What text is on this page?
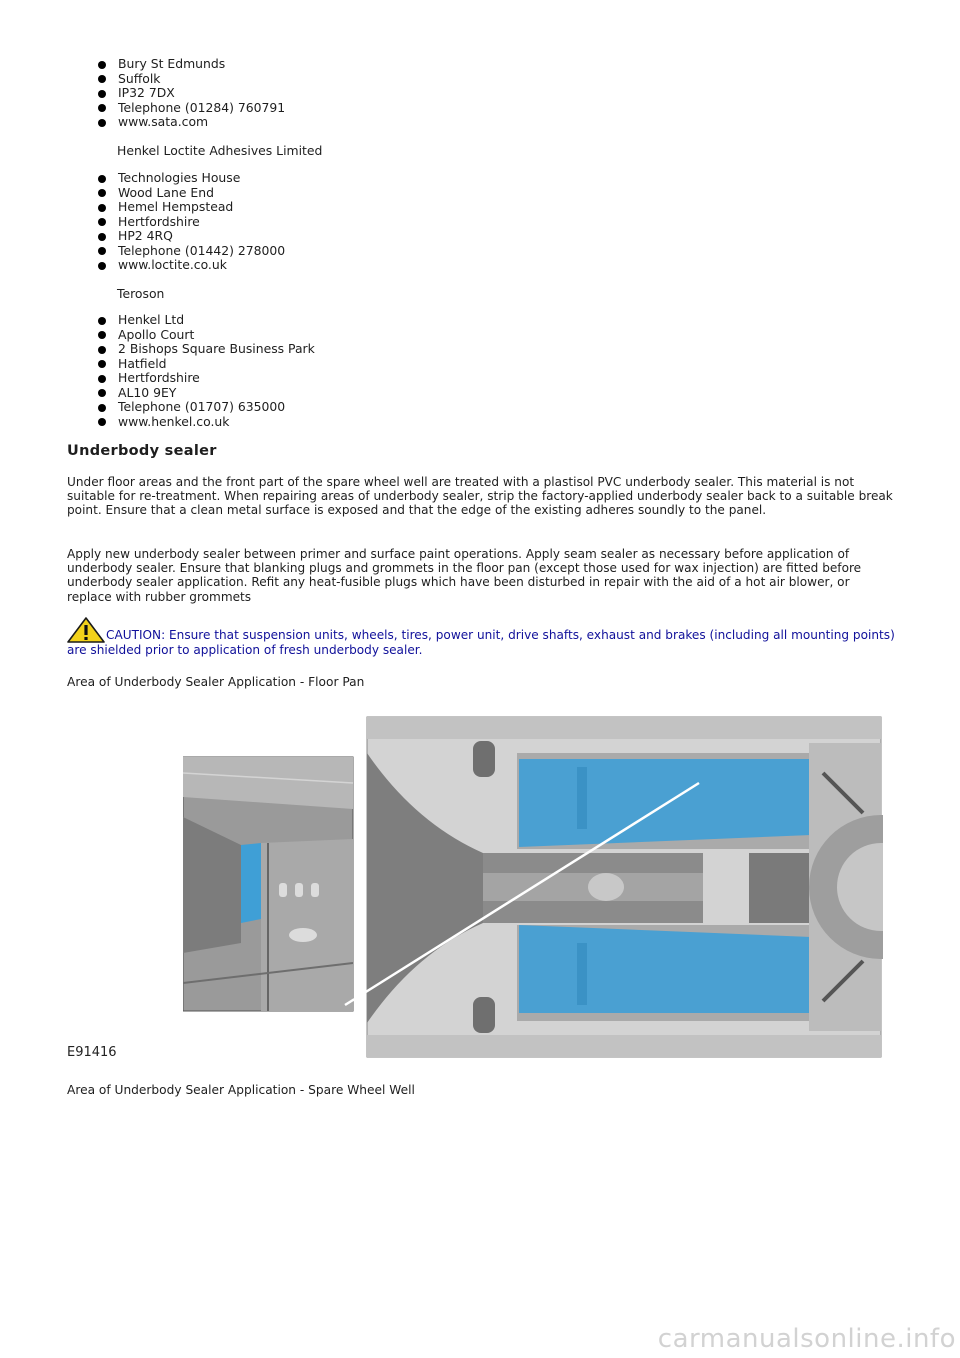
Bury St Edmunds
Suffolk
IP32 7DX
Telephone (01284) 760791
www.sata.com
Henkel Loctite Adhesives Limited
Technologies House
Wood Lane End
Hemel Hempstead
Hertfordshire
HP2 4RQ
Telephone (01442) 278000
www.loctite.co.uk
Teroson
Henkel Ltd
Apollo Court
2 Bishops Square Business Park
Hatfield
Hertfordshire
AL10 9EY
Telephone (01707) 635000
www.henkel.co.uk
Underbody sealer

Under floor areas and the front part of the spare wheel well are treated with a plastisol PVC underbody sealer. This material is not suitable for re-treatment. When repairing areas of underbody sealer, strip the factory-applied underbody sealer back to a suitable break point. Ensure that a clean metal surface is exposed and that the edge of the existing adheres soundly to the panel.

Apply new underbody sealer between primer and surface paint operations. Apply seam sealer as necessary before application of underbody sealer. Ensure that blanking plugs and grommets in the floor pan (except those used for wax injection) are fitted before underbody sealer application. Refit any heat-fusible plugs which have been disturbed in repair with the aid of a hot air blower, or replace with rubber grommets

CAUTION: Ensure that suspension units, wheels, tires, power unit, drive shafts, exhaust and brakes (including all mounting points) are shielded prior to application of fresh underbody sealer.
Area of Underbody Sealer Application - Floor Pan
E91416
Area of Underbody Sealer Application - Spare Wheel Well
carmanualsonline.info
